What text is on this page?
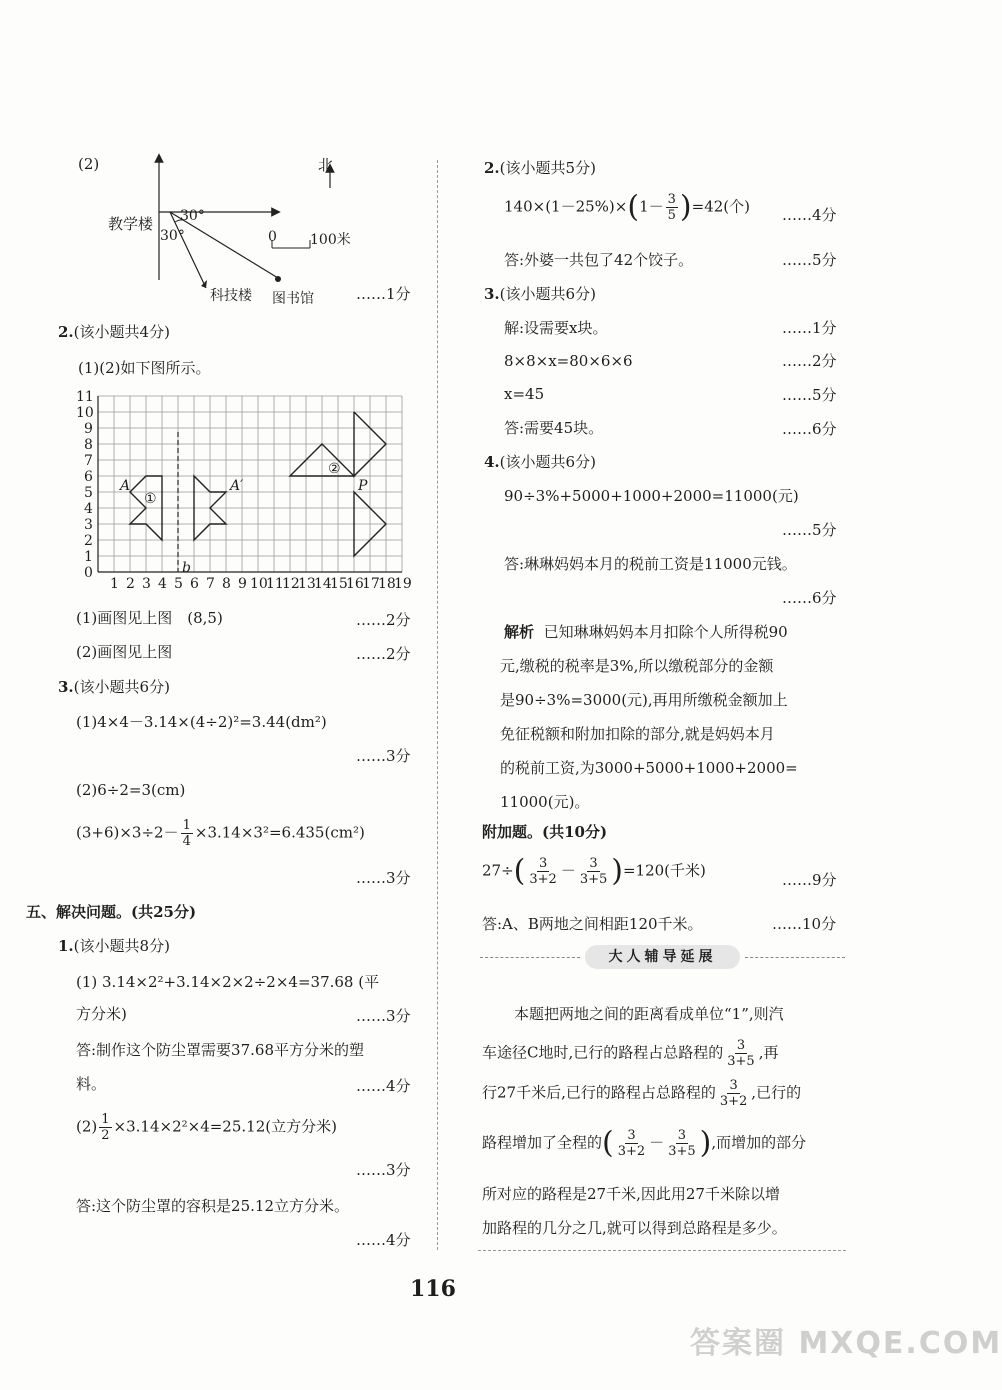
(2)	北
教学楼 30°
30°	0 100米
科技楼 图书馆	……1分
2.(该小题共4分)
(1)(2)如下图所示。
0
1
2
3
4
5
6
7
8
9
10
11
1 2 3 4 5 6 7 8 9 10
11
12
13
14
15
16
17
18
19
A	A′
b
P
①
②
(1)画图见上图　(8,5)	……2分
(2)画图见上图	……2分
3.(该小题共6分)
(1)4×4－3.14×(4÷2)²=3.44(dm²)
……3分
(2)6÷2=3(cm)
$(3+6)\times 3\div 2- \frac{1}{4} \times 3.14\times 3^2=6.435(cm^2)$
……3分
五、解决问题。(共25分)
1.(该小题共8分)
(1) 3.14×2²+3.14×2×2÷2×4=37.68 (平
方分米)	……3分
答:制作这个防尘罩需要37.68平方分米的塑
料。	……4分
$(2) \frac{1}{2} \times 3.14\times 2^2\times 4=25.12$(立方分米)
……3分
答:这个防尘罩的容积是25.12立方分米。
……4分
2.(该小题共5分)
$140\times(1-25\%)\times(1- \frac{3}{5} )=42$(个) ……4分
答:外婆一共包了42个饺子。	……5分
3.(该小题共6分)
解:设需要x块。	……1分
8×8×x=80×6×6	……2分
x=45	……5分
答:需要45块。	……6分
4.(该小题共6分)
90÷3%+5000+1000+2000=11000(元)
……5分
答:琳琳妈妈本月的税前工资是11000元钱。
……6分
解析 已知琳琳妈妈本月扣除个人所得税90
元,缴税的税率是3%,所以缴税部分的金额
是90÷3%=3000(元),再用所缴税金额加上
免征税额和附加扣除的部分,就是妈妈本月
的税前工资,为3000+5000+1000+2000=
11000(元)。
附加题。(共10分)
$27\div( \frac{3}{3+2} - \frac{3}{3+5} )=120$(千米)
……9分
答:A、B两地之间相距120千米。	……10分
大人辅导延展
本题把两地之间的距离看成单位“1”,则汽
车途径C地时,已行的路程占总路程的 $\frac{3}{3+5}$ ,再
行27千米后,已行的路程占总路程的 $\frac{3}{3+2}$ ,已行的
路程增加了全程的( $\frac{3}{3+2} - \frac{3}{3+5}$ ),而增加的部分
所对应的路程是27千米,因此用27千米除以增
加路程的几分之几,就可以得到总路程是多少。
116
答案圈 MXQE.COM
